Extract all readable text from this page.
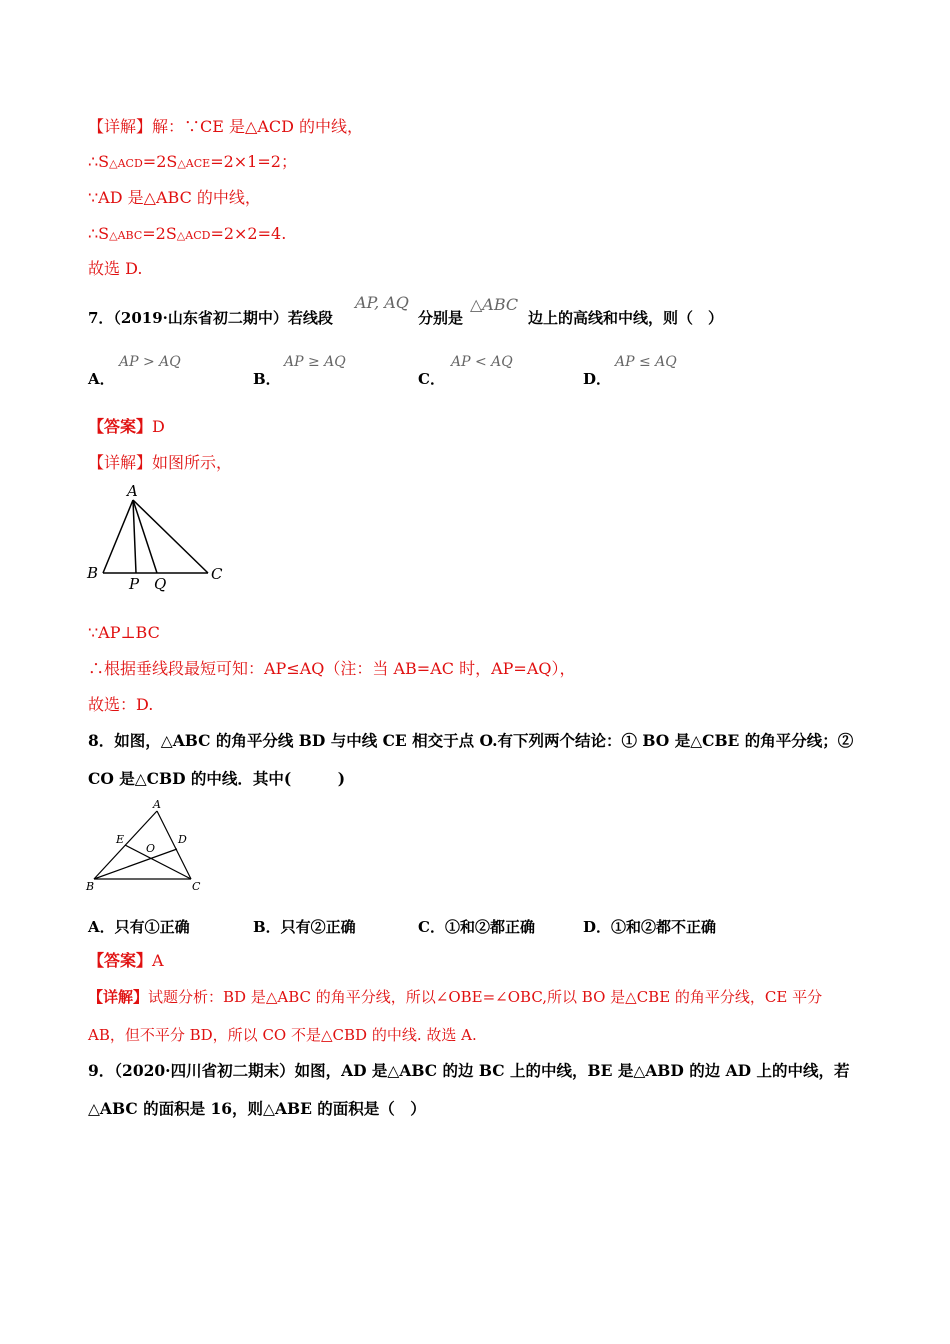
【详解】解：∵CE 是△ACD 的中线，
∴S△ACD=2S△ACE=2×1=2；
∵AD 是△ABC 的中线，
∴S△ABC=2S△ACD=2×2=4.
故选 D.
7．（2019·山东省初二期中）若线段
AP, AQ
分别是
△ABC
边上的高线和中线，则（　）
A．
AP > AQ
B．
AP ≥ AQ
C．
AP < AQ
D．
AP ≤ AQ
【答案】D
【详解】如图所示，
A
B	C
P Q
∵AP⊥BC
∴根据垂线段最短可知：AP≤AQ（注：当 AB=AC 时，AP=AQ），
故选：D.
8．如图，△ABC 的角平分线 BD 与中线 CE 相交于点 O.有下列两个结论：① BO 是△CBE 的角平分线；②
CO 是△CBD 的中线．其中(　　　)
A
B	C
D
E
O
A．只有①正确	B．只有②正确	C．①和②都正确	D．①和②都不正确
【答案】A
【详解】试题分析：BD 是△ABC 的角平分线，所以∠OBE=∠OBC,所以 BO 是△CBE 的角平分线，CE 平分
AB，但不平分 BD，所以 CO 不是△CBD 的中线. 故选 A.
9．（2020·四川省初二期末）如图，AD 是△ABC 的边 BC 上的中线，BE 是△ABD 的边 AD 上的中线，若
△ABC 的面积是 16，则△ABE 的面积是（　）
